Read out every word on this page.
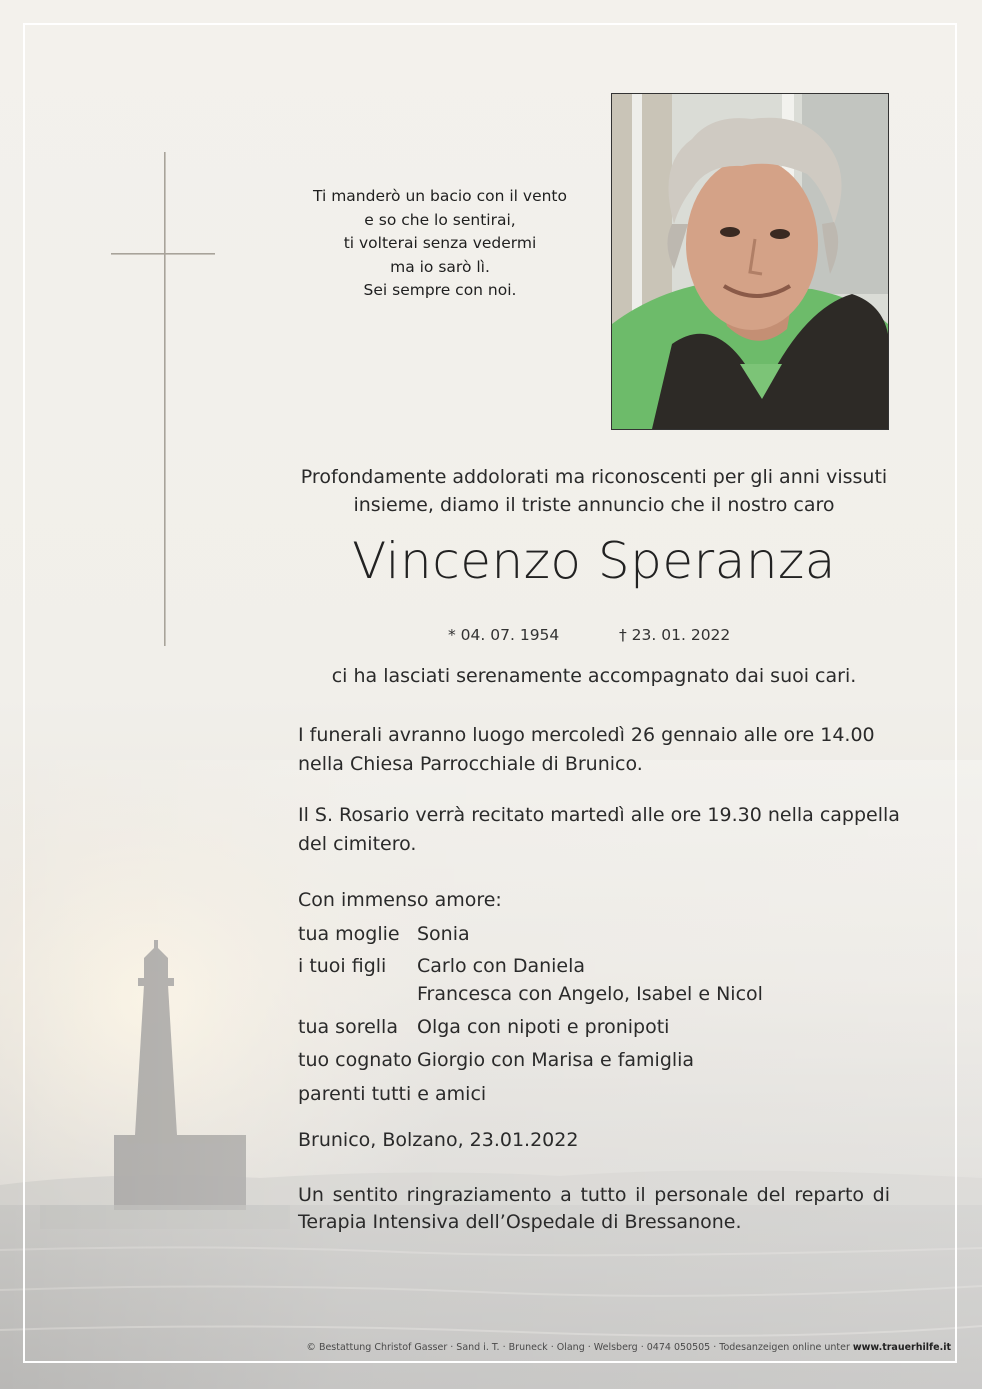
Ti manderò un bacio con il vento
e so che lo sentirai,
ti volterai senza vedermi
ma io sarò lì.
Sei sempre con noi.
Profondamente addolorati ma riconoscenti per gli anni vissuti
insieme, diamo il triste annuncio che il nostro caro
Vincenzo Speranza
* 04. 07. 1954	† 23. 01. 2022
ci ha lasciati serenamente accompagnato dai suoi cari.
I funerali avranno luogo mercoledì 26 gennaio alle ore 14.00
nella Chiesa Parrocchiale di Brunico.
Il S. Rosario verrà recitato martedì alle ore 19.30 nella cappella
del cimitero.
Con immenso amore:
tua moglie Sonia
i tuoi figli Carlo con Daniela
Francesca con Angelo, Isabel e Nicol
tua sorella Olga con nipoti e pronipoti
tuo cognato Giorgio con Marisa e famiglia
parenti tutti e amici
Brunico, Bolzano, 23.01.2022
Un sentito ringraziamento a tutto il personale del reparto di
Terapia Intensiva dell’Ospedale di Bressanone.
© Bestattung Christof Gasser · Sand i. T. · Bruneck · Olang · Welsberg · 0474 050505 · Todesanzeigen online unter www.trauerhilfe.it
